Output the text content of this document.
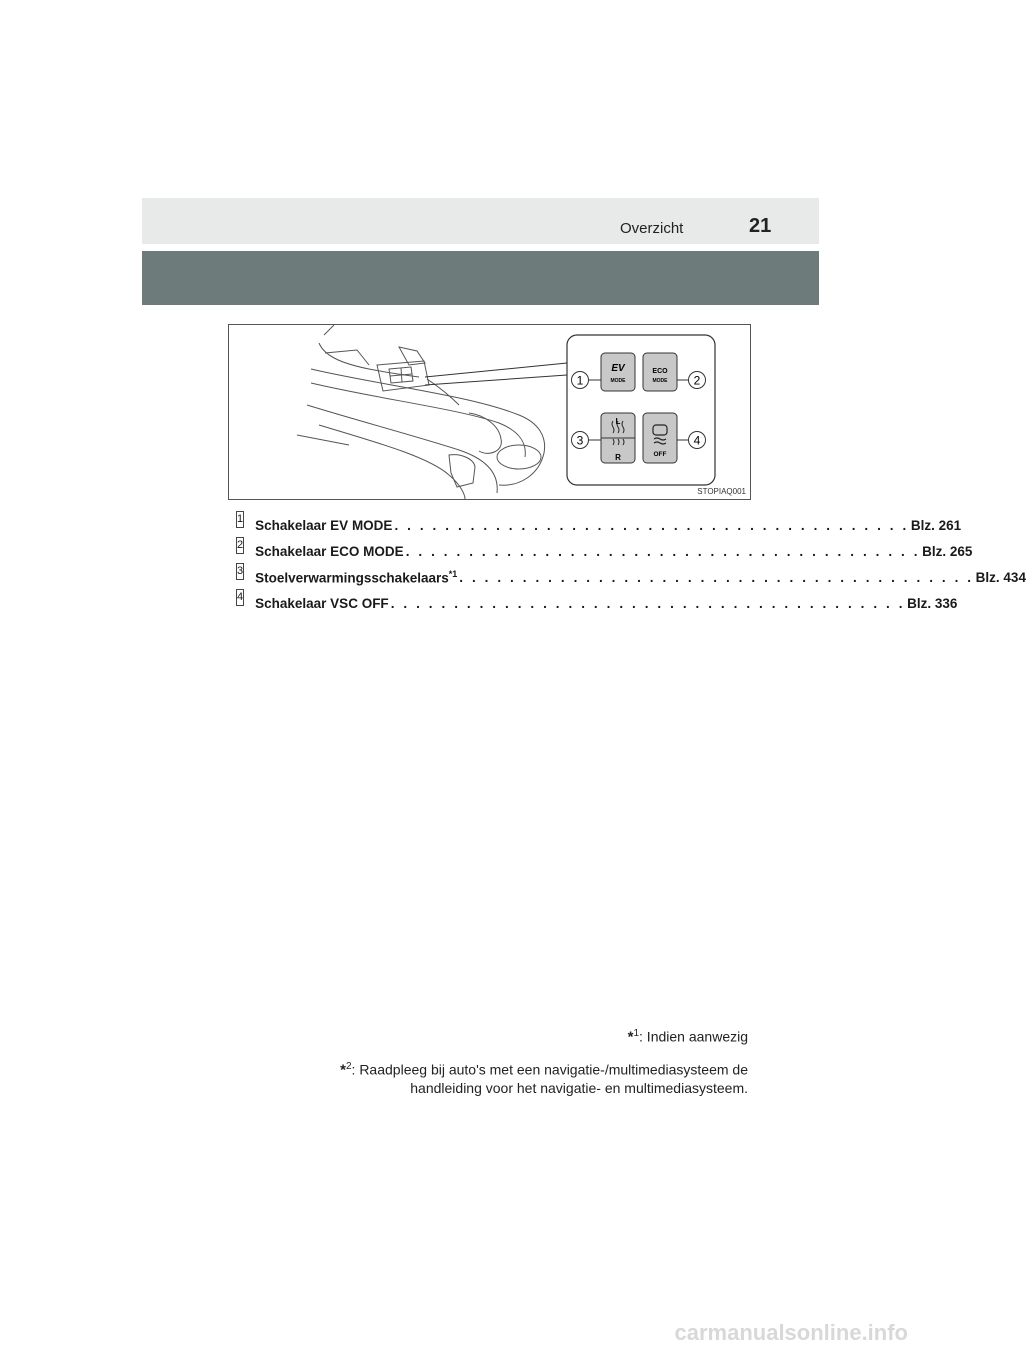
Overzicht	21
EV
MODE
ECO
MODE
L
R	OFF
1	2
3	4
STOPIAQ001
1 Schakelaar EV MODE . . . . . . . . . . . . . . . . . . . . . . . . . . . . . . . . . . . . . . . . . Blz. 261
2 Schakelaar ECO MODE . . . . . . . . . . . . . . . . . . . . . . . . . . . . . . . . . . . . . . . . . Blz. 265
3 Stoelverwarmingsschakelaars$^{*1}$ . . . . . . . . . . . . . . . . . . . . . . . . . . . . . . . . . . . . . . . . . Blz. 434
4 Schakelaar VSC OFF . . . . . . . . . . . . . . . . . . . . . . . . . . . . . . . . . . . . . . . . . Blz. 336
*$^1$: Indien aanwezig
*$^2$: Raadpleeg bij auto's met een navigatie-/multimediasysteem de
handleiding voor het navigatie- en multimediasysteem.
carmanualsonline.info
